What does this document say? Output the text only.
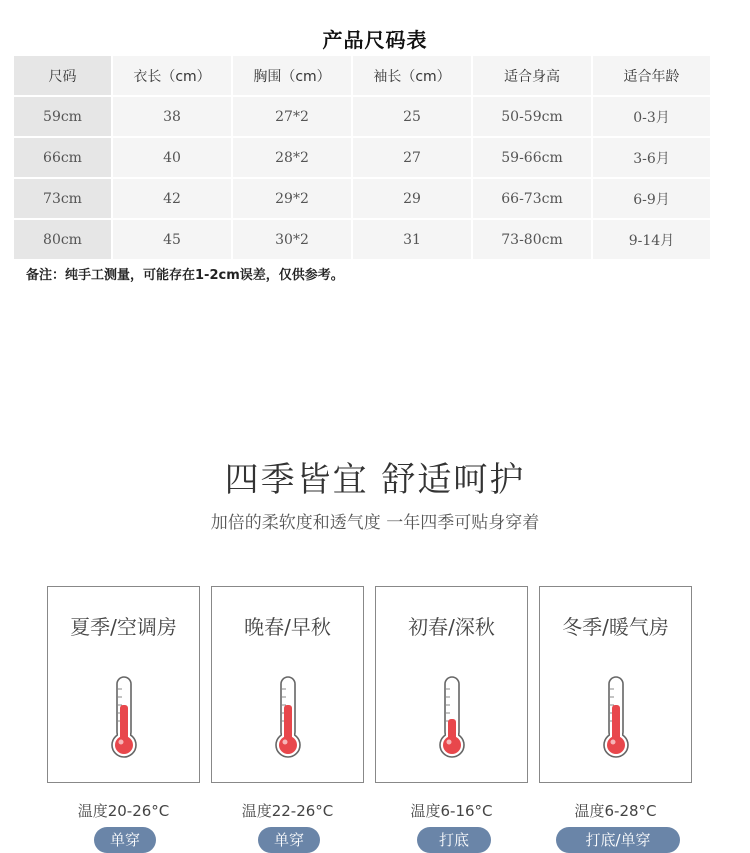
产品尺码表
尺码	衣长（cm）	胸围（cm）	袖长（cm）	适合身高	适合年龄
59cm	38	27*2	25	50-59cm	0-3月
66cm	40	28*2	27	59-66cm	3-6月
73cm	42	29*2	29	66-73cm	6-9月
80cm	45	30*2	31	73-80cm	9-14月
备注：纯手工测量，可能存在1-2cm误差，仅供参考。
四季皆宜 舒适呵护
加倍的柔软度和透气度 一年四季可贴身穿着
夏季/空调房	晚春/早秋	初春/深秋	冬季/暖气房
温度20-26°C	温度22-26°C	温度6-16°C	温度6-28°C
单穿	单穿	打底	打底/单穿
